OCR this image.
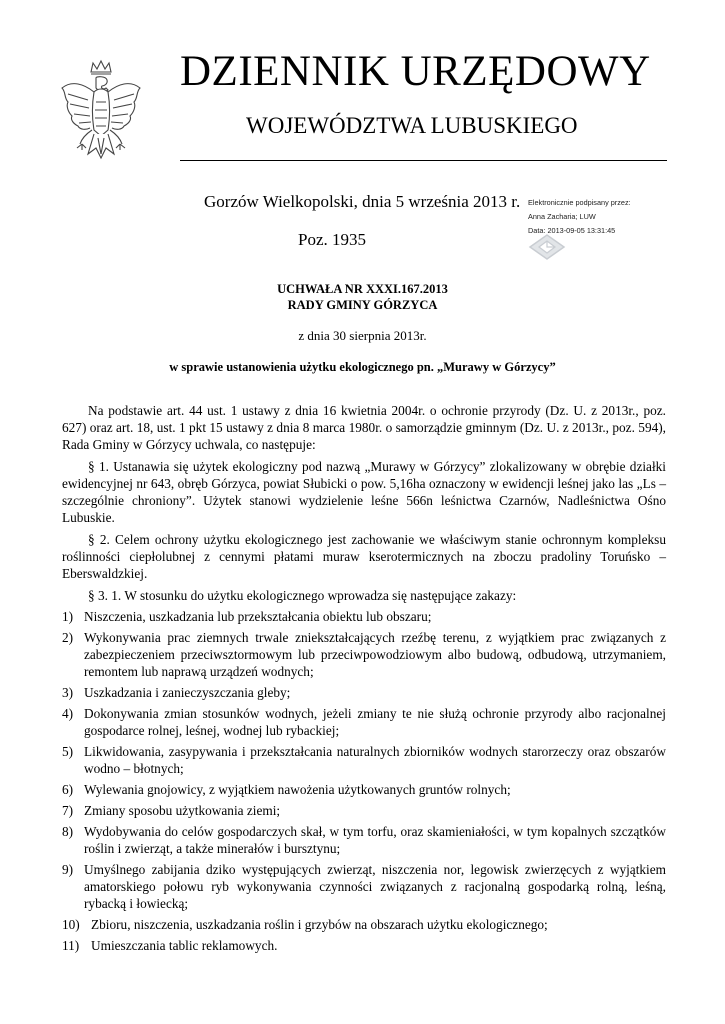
DZIENNIK URZĘDOWY
WOJEWÓDZTWA LUBUSKIEGO
Gorzów Wielkopolski, dnia 5 września 2013 r.
Poz. 1935
Elektronicznie podpisany przez:
Anna Zacharia; LUW
Data: 2013-09-05 13:31:45
UCHWAŁA NR XXXI.167.2013
RADY GMINY GÓRZYCA
z dnia 30 sierpnia 2013r.
w sprawie ustanowienia użytku ekologicznego pn. „Murawy w Górzycy”

Na podstawie art. 44 ust. 1 ustawy z dnia 16 kwietnia 2004r. o ochronie przyrody (Dz. U. z 2013r., poz. 627) oraz art. 18, ust. 1 pkt 15 ustawy z dnia 8 marca 1980r. o samorządzie gminnym (Dz. U. z 2013r., poz. 594), Rada Gminy w Górzycy uchwala, co następuje:

§ 1. Ustanawia się użytek ekologiczny pod nazwą „Murawy w Górzycy” zlokalizowany w obrębie działki ewidencyjnej nr 643, obręb Górzyca, powiat Słubicki o pow. 5,16ha oznaczony w ewidencji leśnej jako las „Ls – szczególnie chroniony”. Użytek stanowi wydzielenie leśne 566n leśnictwa Czarnów, Nadleśnictwa Ośno Lubuskie.

§ 2. Celem ochrony użytku ekologicznego jest zachowanie we właściwym stanie ochronnym kompleksu roślinności ciepłolubnej z cennymi płatami muraw kserotermicznych na zboczu pradoliny Toruńsko – Eberswaldzkiej.

§ 3. 1. W stosunku do użytku ekologicznego wprowadza się następujące zakazy:

1) Niszczenia, uszkadzania lub przekształcania obiektu lub obszaru;
2) Wykonywania prac ziemnych trwale zniekształcających rzeźbę terenu, z wyjątkiem prac związanych z zabezpieczeniem przeciwsztormowym lub przeciwpowodziowym albo budową, odbudową, utrzymaniem, remontem lub naprawą urządzeń wodnych;
3) Uszkadzania i zanieczyszczania gleby;
4) Dokonywania zmian stosunków wodnych, jeżeli zmiany te nie służą ochronie przyrody albo racjonalnej gospodarce rolnej, leśnej, wodnej lub rybackiej;
5) Likwidowania, zasypywania i przekształcania naturalnych zbiorników wodnych starorzeczy oraz obszarów wodno – błotnych;
6) Wylewania gnojowicy, z wyjątkiem nawożenia użytkowanych gruntów rolnych;
7) Zmiany sposobu użytkowania ziemi;
8) Wydobywania do celów gospodarczych skał, w tym torfu, oraz skamieniałości, w tym kopalnych szczątków roślin i zwierząt, a także minerałów i bursztynu;
9) Umyślnego zabijania dziko występujących zwierząt, niszczenia nor, legowisk zwierzęcych z wyjątkiem amatorskiego połowu ryb wykonywania czynności związanych z racjonalną gospodarką rolną, leśną, rybacką i łowiecką;
10) Zbioru, niszczenia, uszkadzania roślin i grzybów na obszarach użytku ekologicznego;
11) Umieszczania tablic reklamowych.
